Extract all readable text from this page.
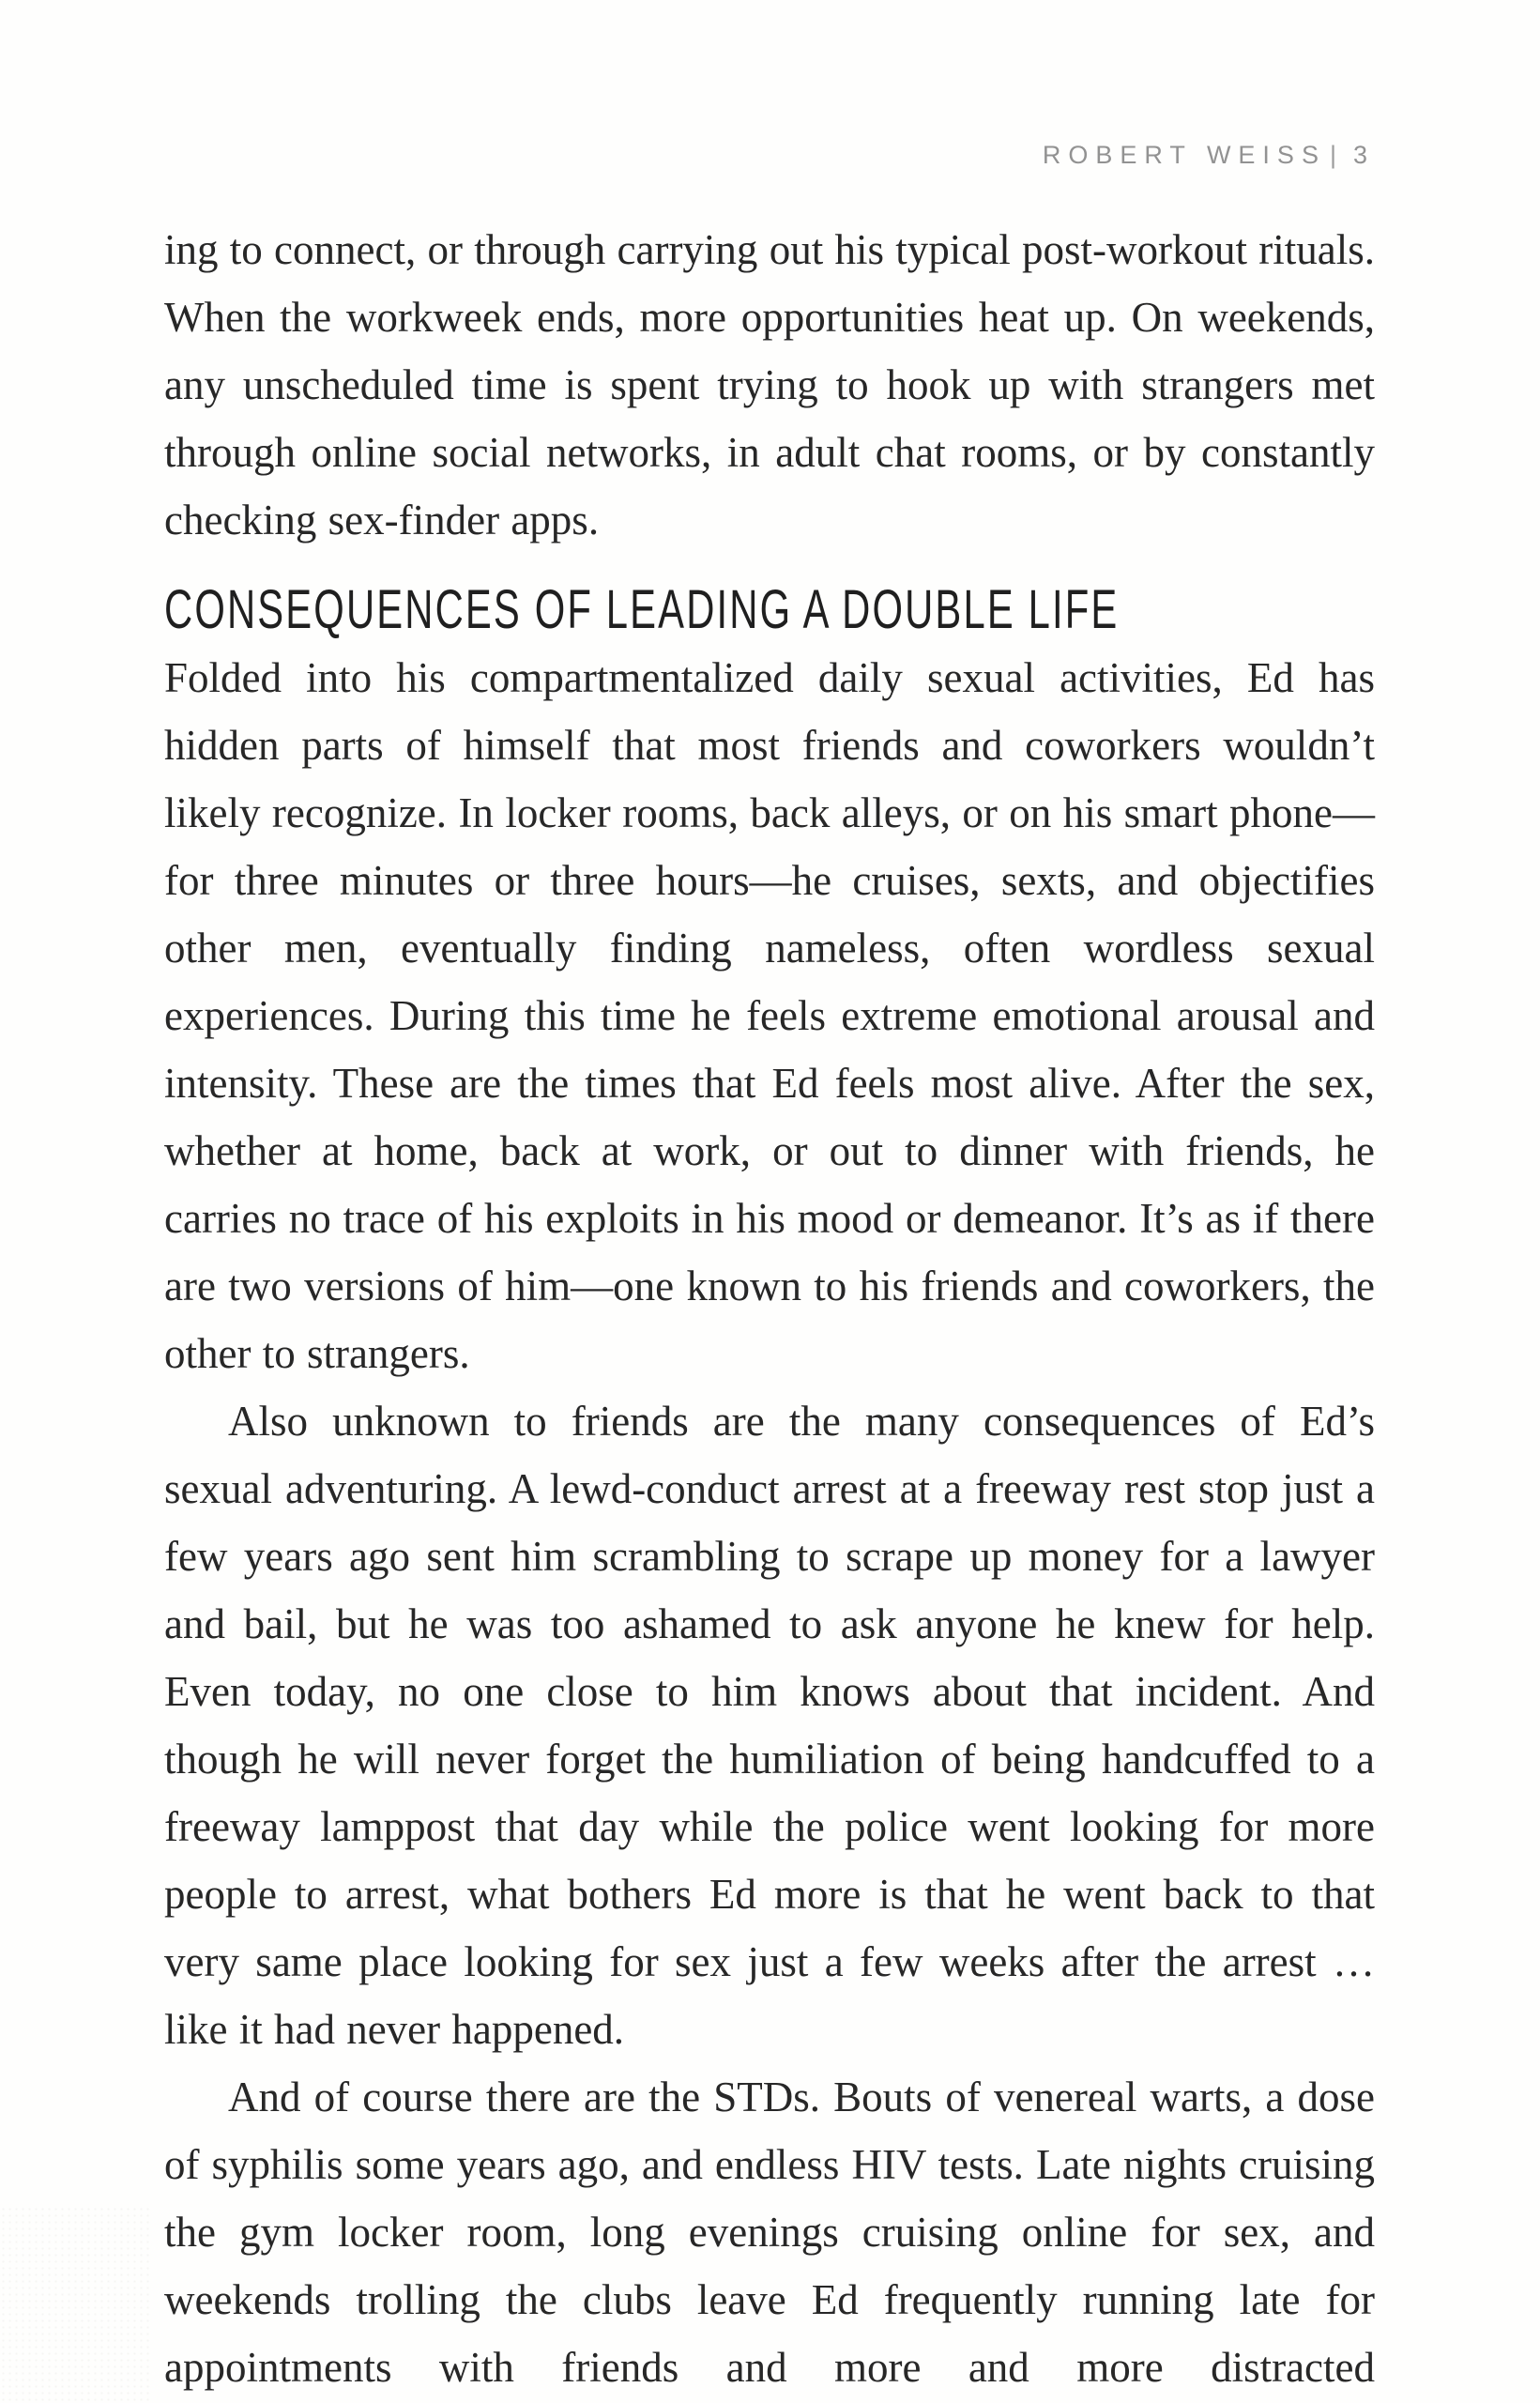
ROBERT WEISS | 3

ing to connect, or through carrying out his typical post-workout rituals. When the workweek ends, more opportunities heat up. On weekends, any unscheduled time is spent trying to hook up with strangers met through online social networks, in adult chat rooms, or by constantly checking sex-finder apps.

CONSEQUENCES OF LEADING A DOUBLE LIFE

Folded into his compartmentalized daily sexual activities, Ed has hidden parts of himself that most friends and coworkers wouldn’t likely recognize. In locker rooms, back alleys, or on his smart phone—for three minutes or three hours—he cruises, sexts, and objectifies other men, eventually finding nameless, often wordless sexual experiences. During this time he feels extreme emotional arousal and intensity. These are the times that Ed feels most alive. After the sex, whether at home, back at work, or out to dinner with friends, he carries no trace of his exploits in his mood or demeanor. It’s as if there are two versions of him—one known to his friends and coworkers, the other to strangers.

Also unknown to friends are the many consequences of Ed’s sexual adventuring. A lewd-conduct arrest at a freeway rest stop just a few years ago sent him scrambling to scrape up money for a lawyer and bail, but he was too ashamed to ask anyone he knew for help. Even today, no one close to him knows about that incident. And though he will never forget the humiliation of being handcuffed to a freeway lamppost that day while the police went looking for more people to arrest, what bothers Ed more is that he went back to that very same place looking for sex just a few weeks after the arrest … like it had never happened.

And of course there are the STDs. Bouts of venereal warts, a dose of syphilis some years ago, and endless HIV tests. Late nights cruising the gym locker room, long evenings cruising online for sex, and weekends trolling the clubs leave Ed frequently running late for appointments with friends and more and more distracted
